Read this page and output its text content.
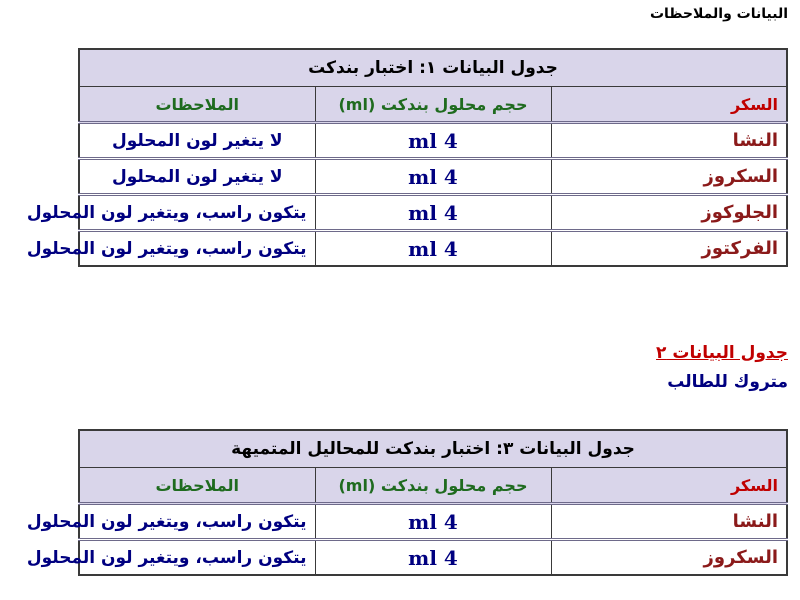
البيانات والملاحظات
جدول البيانات ١: اختبار بندكت		
السكر	حجم محلول بندكت (ml)	الملاحظات
النشا	4 ml	لا يتغير لون المحلول
السكروز	4 ml	لا يتغير لون المحلول
الجلوكوز	4 ml	يتكون راسب، ويتغير لون المحلول
الفركتوز	4 ml	يتكون راسب، ويتغير لون المحلول
جدول البيانات ٢
متروك للطالب
جدول البيانات ٣: اختبار بندكت للمحاليل المتميهة		
السكر	حجم محلول بندكت (ml)	الملاحظات
النشا	4 ml	يتكون راسب، ويتغير لون المحلول
السكروز	4 ml	يتكون راسب، ويتغير لون المحلول
